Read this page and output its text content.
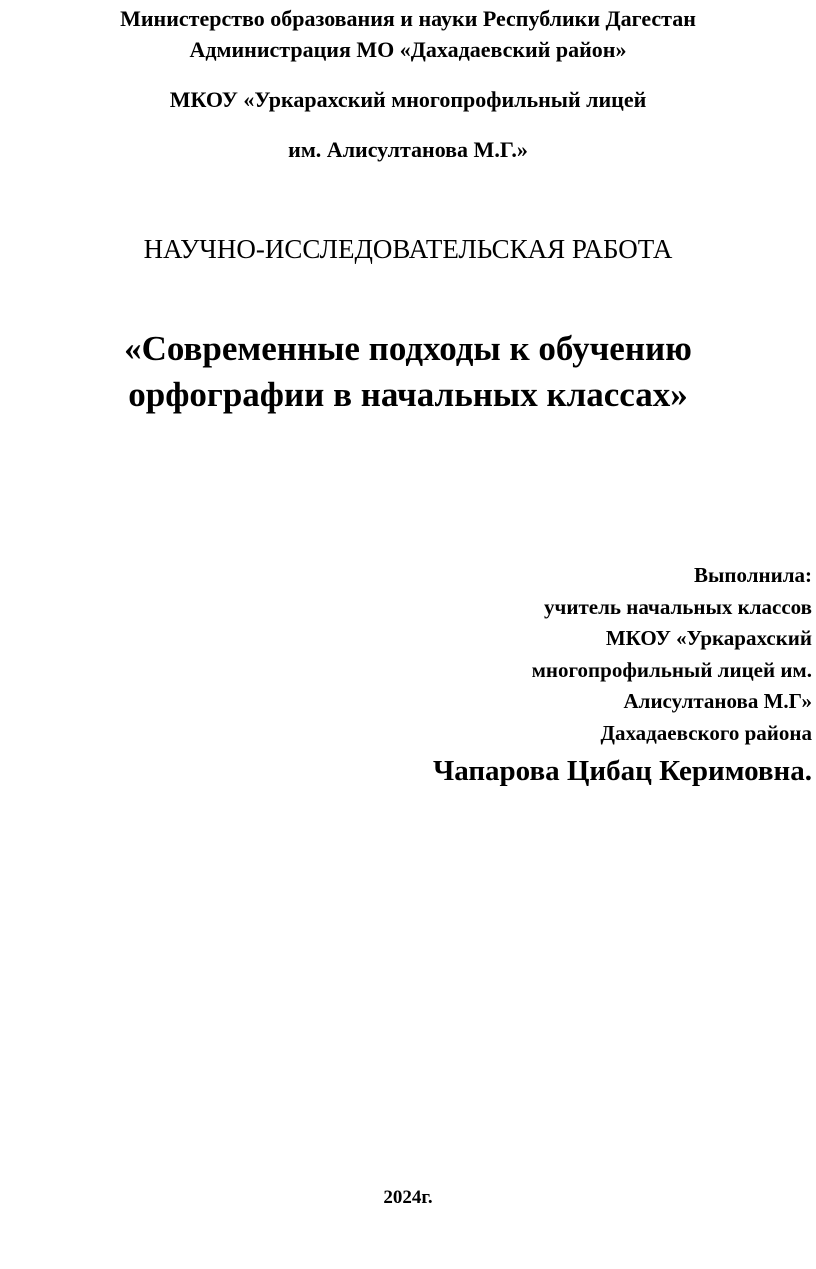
Министерство образования и науки Республики Дагестан

Администрация МО «Дахадаевский район»

МКОУ «Уркарахский многопрофильный лицей

им. Алисултанова М.Г.»

НАУЧНО-ИССЛЕДОВАТЕЛЬСКАЯ РАБОТА

«Современные подходы к обучению

орфографии в начальных классах»

Выполнила:
учитель начальных классов
МКОУ «Уркарахский
многопрофильный лицей им.
Алисултанова М.Г»
Дахадаевского района
Чапарова Цибац Керимовна.

2024г.
